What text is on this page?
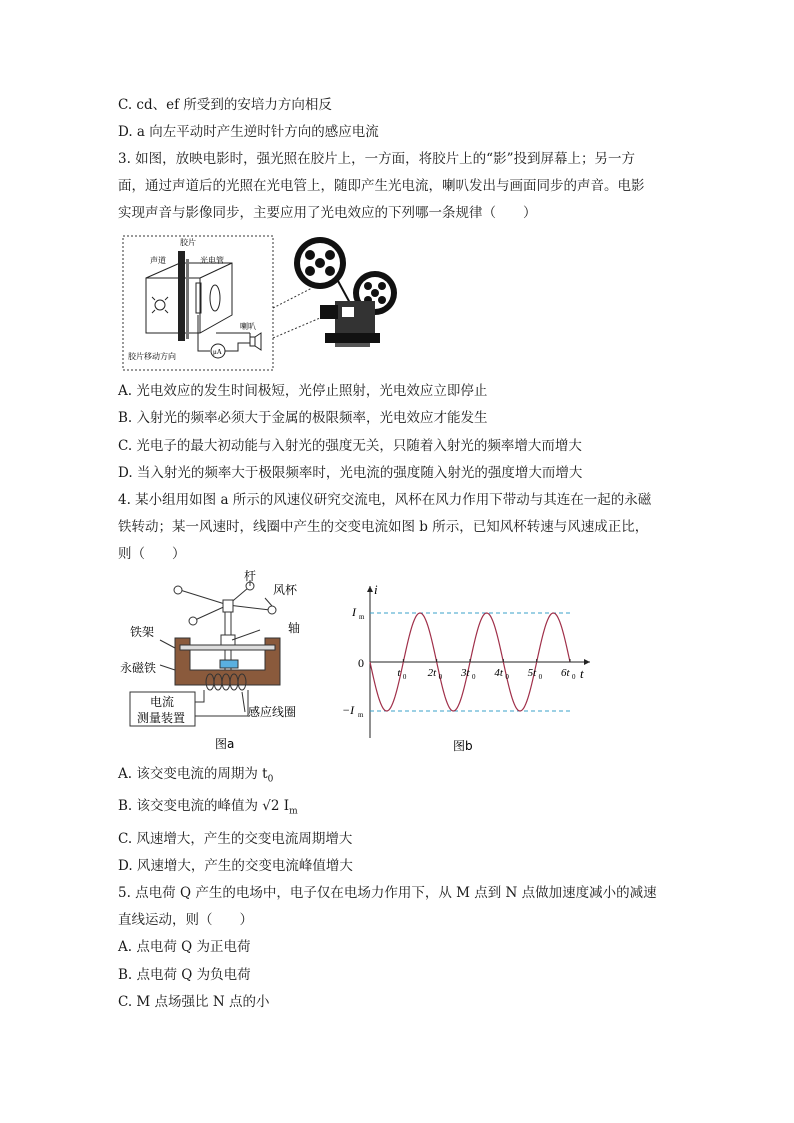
C. cd、ef 所受到的安培力方向相反
D. a 向左平动时产生逆时针方向的感应电流
3. 如图，放映电影时，强光照在胶片上，一方面，将胶片上的“影”投到屏幕上；另一方
面，通过声道后的光照在光电管上，随即产生光电流，喇叭发出与画面同步的声音。电影
实现声音与影像同步，主要应用了光电效应的下列哪一条规律（　　）
胶片
声道	光电管
喇叭
μA
胶片移动方向
A. 光电效应的发生时间极短，光停止照射，光电效应立即停止
B. 入射光的频率必须大于金属的极限频率，光电效应才能发生
C. 光电子的最大初动能与入射光的强度无关，只随着入射光的频率增大而增大
D. 当入射光的频率大于极限频率时，光电流的强度随入射光的强度增大而增大
4. 某小组用如图 a 所示的风速仪研究交流电，风杯在风力作用下带动与其连在一起的永磁
铁转动；某一风速时，线圈中产生的交变电流如图 b 所示，已知风杯转速与风速成正比，
则（　　）
杆
风杯
铁架	轴
永磁铁
电流
测量装置	感应线圈
图a
t 0 2t 0 3t 0 4t 0 5t 0 6t 0
i
t
0
I m
−I m
图b
A. 该交变电流的周期为 $t_0$
B. 该交变电流的峰值为 √2 $I_m$
C. 风速增大，产生的交变电流周期增大
D. 风速增大，产生的交变电流峰值增大
5. 点电荷 Q 产生的电场中，电子仅在电场力作用下，从 M 点到 N 点做加速度减小的减速
直线运动，则（　　）
A. 点电荷 Q 为正电荷
B. 点电荷 Q 为负电荷
C. M 点场强比 N 点的小
